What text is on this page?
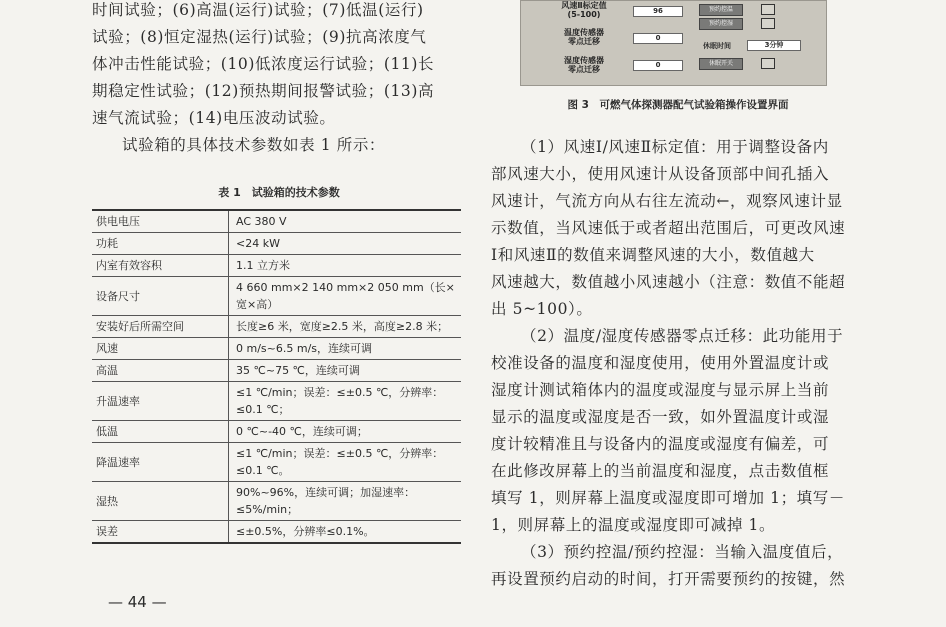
时间试验；(6)高温(运行)试验；(7)低温(运行)

试验；(8)恒定湿热(运行)试验；(9)抗高浓度气

体冲击性能试验；(10)低浓度运行试验；(11)长

期稳定性试验；(12)预热期间报警试验；(13)高

速气流试验；(14)电压波动试验。

试验箱的具体技术参数如表 1 所示：

表 1　试验箱的技术参数
供电电压	AC 380 V
功耗	<24 kW
内室有效容积	1.1 立方米
设备尺寸	4 660 mm×2 140 mm×2 050 mm（长×宽×高）
安装好后所需空间	长度≥6 米，宽度≥2.5 米，高度≥2.8 米；
风速	0 m/s~6.5 m/s，连续可调
高温	35 ℃~75 ℃，连续可调
升温速率	≤1 ℃/min；误差：≤±0.5 ℃，分辨率：≤0.1 ℃；
低温	0 ℃~-40 ℃，连续可调；
降温速率	≤1 ℃/min；误差：≤±0.5 ℃，分辨率：≤0.1 ℃。
湿热	90%~96%，连续可调；加湿速率：≤5%/min；
误差	≤±0.5%，分辨率≤0.1%。
— 44 —
风速Ⅱ标定值
(5-100)	96
温度传感器
零点迁移	0
湿度传感器
零点迁移	0
预约控温
预约控湿
休眠时间	3分钟
休眠开关
图 3　可燃气体探测器配气试验箱操作设置界面

（1）风速Ⅰ/风速Ⅱ标定值：用于调整设备内

部风速大小，使用风速计从设备顶部中间孔插入

风速计，气流方向从右往左流动←，观察风速计显

示数值，当风速低于或者超出范围后，可更改风速

Ⅰ和风速Ⅱ的数值来调整风速的大小，数值越大

风速越大，数值越小风速越小（注意：数值不能超

出 5~100）。

（2）温度/湿度传感器零点迁移：此功能用于

校准设备的温度和湿度使用，使用外置温度计或

湿度计测试箱体内的温度或湿度与显示屏上当前

显示的温度或湿度是否一致，如外置温度计或湿

度计较精准且与设备内的温度或湿度有偏差，可

在此修改屏幕上的当前温度和湿度，点击数值框

填写 1，则屏幕上温度或湿度即可增加 1；填写－

1，则屏幕上的温度或湿度即可减掉 1。

（3）预约控温/预约控湿：当输入温度值后，

再设置预约启动的时间，打开需要预约的按键，然
